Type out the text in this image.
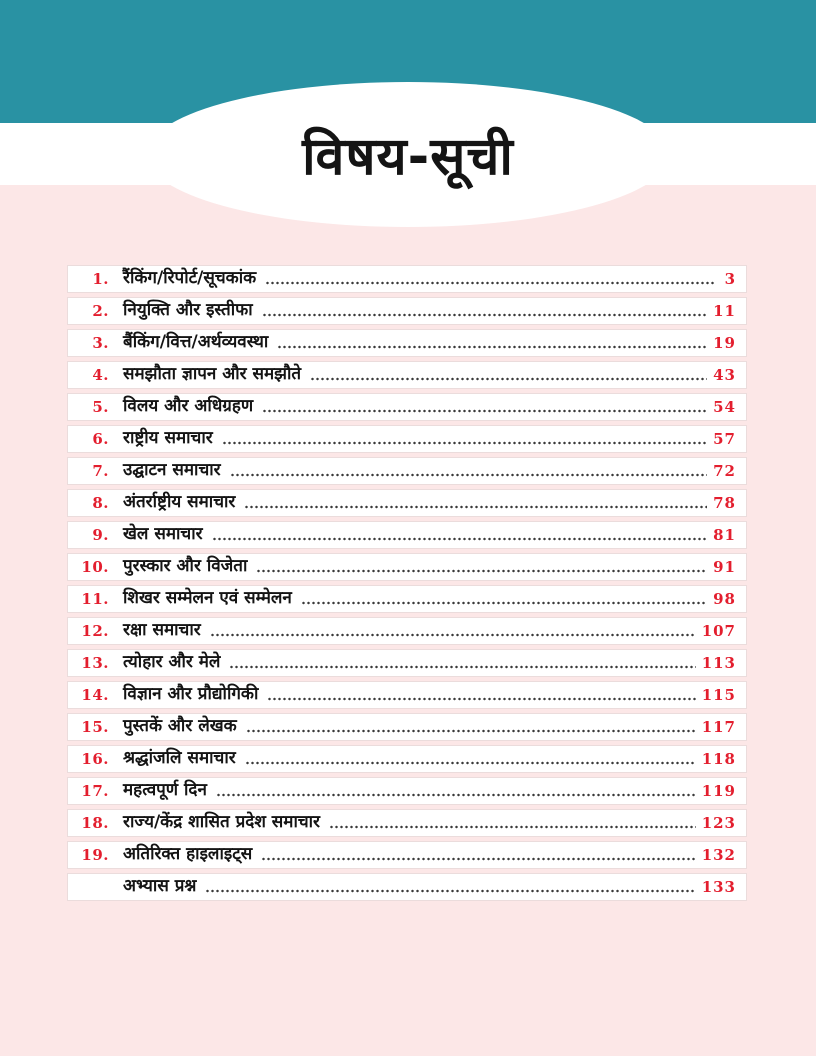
विषय-सूची
1. रैंकिंग/रिपोर्ट/सूचकांक	3
2. नियुक्ति और इस्तीफा	11
3. बैंकिंग/वित्त/अर्थव्यवस्था	19
4. समझौता ज्ञापन और समझौते	43
5. विलय और अधिग्रहण	54
6. राष्ट्रीय समाचार	57
7. उद्घाटन समाचार	72
8. अंतर्राष्ट्रीय समाचार	78
9. खेल समाचार	81
10. पुरस्कार और विजेता	91
11. शिखर सम्मेलन एवं सम्मेलन	98
12. रक्षा समाचार	107
13. त्योहार और मेले	113
14. विज्ञान और प्रौद्योगिकी	115
15. पुस्तकें और लेखक	117
16. श्रद्धांजलि समाचार	118
17. महत्वपूर्ण दिन	119
18. राज्य/केंद्र शासित प्रदेश समाचार	123
19. अतिरिक्त हाइलाइट्स	132
अभ्यास प्रश्न	133
